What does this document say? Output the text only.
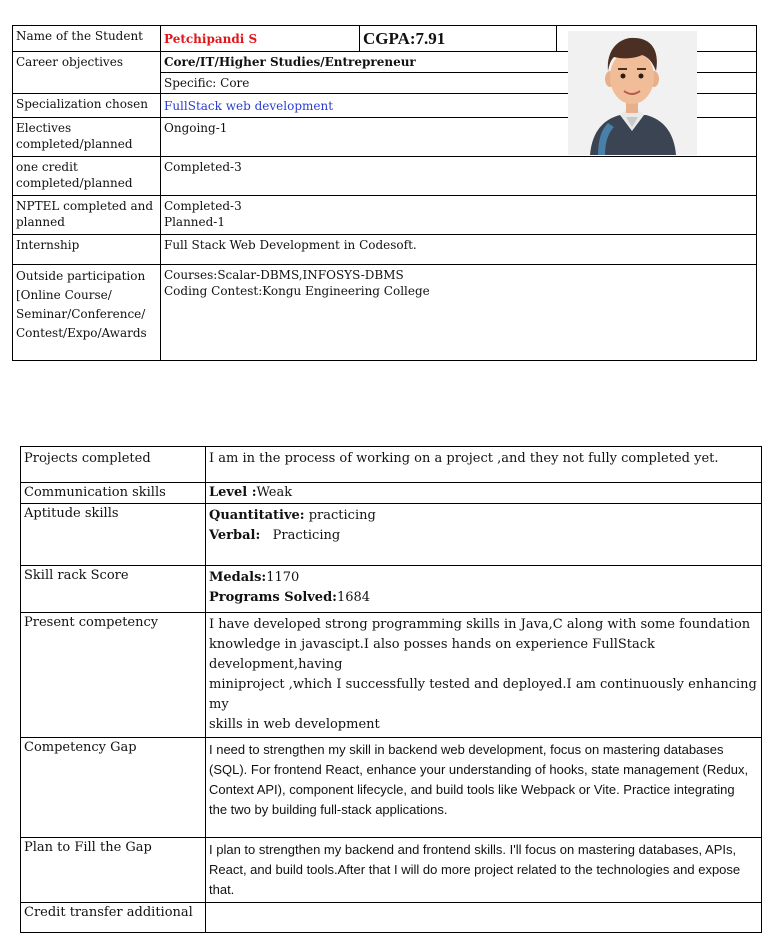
Name of the Student	Petchipandi S	CGPA:7.91	
Career objectives	Core/IT/Higher Studies/Entrepreneur		
	Specific: Core		
Specialization chosen	FullStack web development		

Electives
completed/planned	Ongoing-1		

one credit
completed/planned	Completed-3		

NPTEL completed and
planned	Completed-3
Planned-1		

Internship	Full Stack Web Development in Codesoft.		

Outside participation
[Online Course/
Seminar/Conference/
Contest/Expo/Awards	Courses:Scalar-DBMS,INFOSYS-DBMS
Coding Contest:Kongu Engineering College		
Projects completed	I am in the process of working on a project ,and they not fully completed yet.
Communication skills	Level :Weak
Aptitude skills	Quantitative: practicing
Verbal:   Practicing

Skill rack Score	Medals:1170
Programs Solved:1684

Present competency	I have developed strong programming skills in Java,C along with some foundation
knowledge in javascipt.I also posses hands on experience FullStack development,having
miniproject ,which I successfully tested and deployed.I am continuously enhancing my
skills in web development

Competency Gap	I need to strengthen my skill in backend web development, focus on mastering databases
(SQL). For frontend React, enhance your understanding of hooks, state management (Redux,
Context API), component lifecycle, and build tools like Webpack or Vite. Practice integrating
the two by building full-stack applications.

Plan to Fill the Gap	I plan to strengthen my backend and frontend skills. I'll focus on mastering databases, APIs,
React, and build tools.After that I will do more project related to the technologies and expose
that.

Credit transfer additional	
